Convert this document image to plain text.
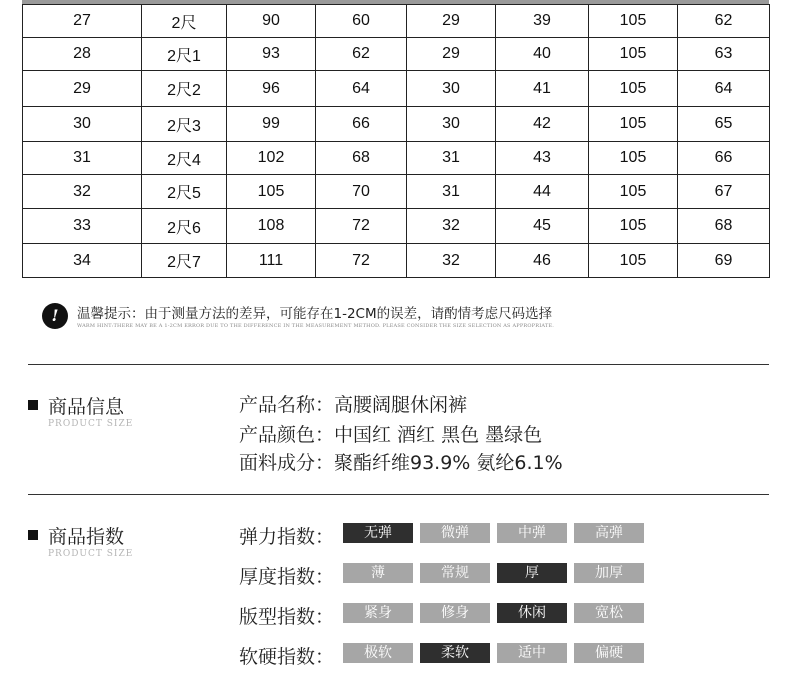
27	2尺	90	60	29	39	105	62
28	2尺1	93	62	29	40	105	63
29	2尺2	96	64	30	41	105	64
30	2尺3	99	66	30	42	105	65
31	2尺4	102	68	31	43	105	66
32	2尺5	105	70	31	44	105	67
33	2尺6	108	72	32	45	105	68
34	2尺7	111	72	32	46	105	69
!	温馨提示：由于测量方法的差异，可能存在1-2CM的误差，请酌情考虑尺码选择
WARM HINT:THERE MAY BE A 1-2CM ERROR DUE TO THE DIFFERENCE IN THE MEASUREMENT METHOD. PLEASE CONSIDER THE SIZE SELECTION AS APPROPRIATE.
商品信息
PRODUCT SIZE
产品名称：高腰阔腿休闲裤
产品颜色：中国红 酒红 黑色 墨绿色
面料成分：聚酯纤维93.9% 氨纶6.1%
商品指数
PRODUCT SIZE
弹力指数：	无弹	微弹	中弹	高弹
厚度指数：	薄	常规	厚	加厚
版型指数：	紧身	修身	休闲	宽松
软硬指数：	极软	柔软	适中	偏硬
